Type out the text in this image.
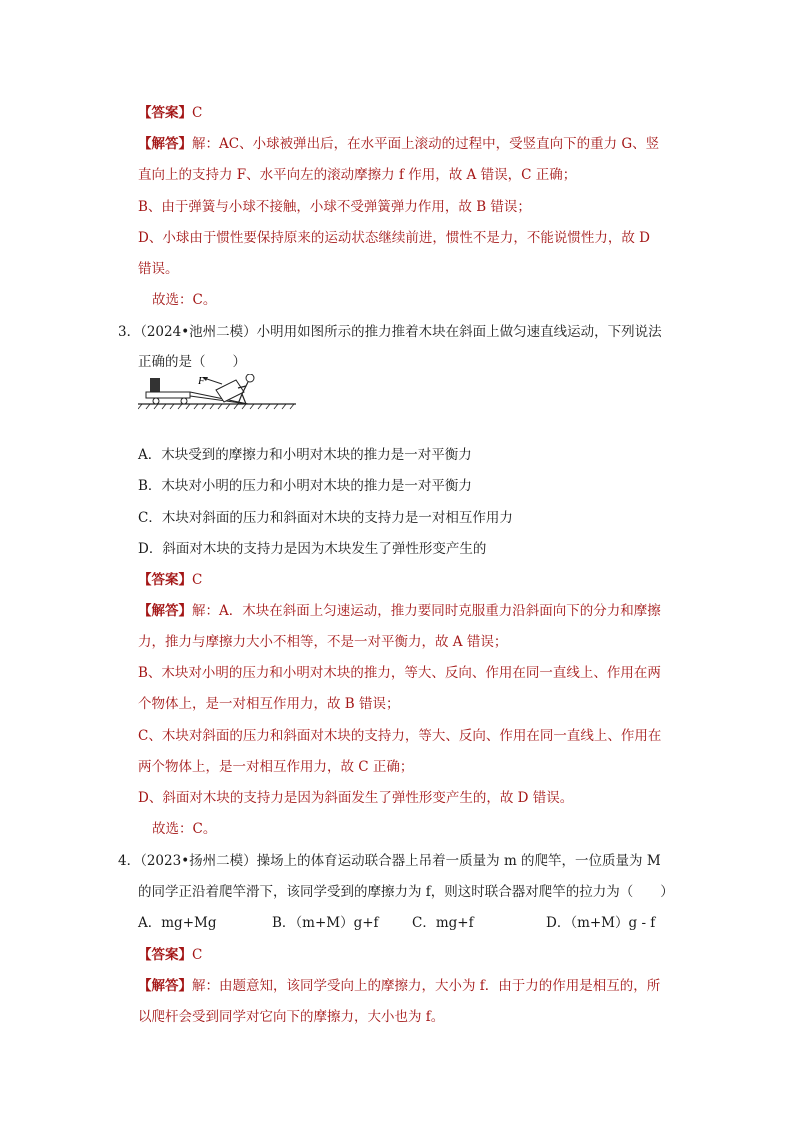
【答案】C
【解答】解：AC、小球被弹出后，在水平面上滚动的过程中，受竖直向下的重力 G、竖
直向上的支持力 F、水平向左的滚动摩擦力 f 作用，故 A 错误，C 正确；
B、由于弹簧与小球不接触，小球不受弹簧弹力作用，故 B 错误；
D、小球由于惯性要保持原来的运动状态继续前进，惯性不是力，不能说惯性力，故 D
错误。
故选：C。
3．（2024•池州二模）小明用如图所示的推力推着木块在斜面上做匀速直线运动，下列说法
正确的是（　　）
F
A．木块受到的摩擦力和小明对木块的推力是一对平衡力
B．木块对小明的压力和小明对木块的推力是一对平衡力
C．木块对斜面的压力和斜面对木块的支持力是一对相互作用力
D．斜面对木块的支持力是因为木块发生了弹性形变产生的
【答案】C
【解答】解：A．木块在斜面上匀速运动，推力要同时克服重力沿斜面向下的分力和摩擦
力，推力与摩擦力大小不相等，不是一对平衡力，故 A 错误；
B、木块对小明的压力和小明对木块的推力，等大、反向、作用在同一直线上、作用在两
个物体上，是一对相互作用力，故 B 错误；
C、木块对斜面的压力和斜面对木块的支持力，等大、反向、作用在同一直线上、作用在
两个物体上，是一对相互作用力，故 C 正确；
D、斜面对木块的支持力是因为斜面发生了弹性形变产生的，故 D 错误。
故选：C。
4．（2023•扬州二模）操场上的体育运动联合器上吊着一质量为 m 的爬竿，一位质量为 M
的同学正沿着爬竿滑下，该同学受到的摩擦力为 f，则这时联合器对爬竿的拉力为（　　）
A．mg+Mg	B．（m+M）g+f C．mg+f	D．（m+M）g - f
【答案】C
【解答】解：由题意知，该同学受向上的摩擦力，大小为 f．由于力的作用是相互的，所
以爬杆会受到同学对它向下的摩擦力，大小也为 f。
